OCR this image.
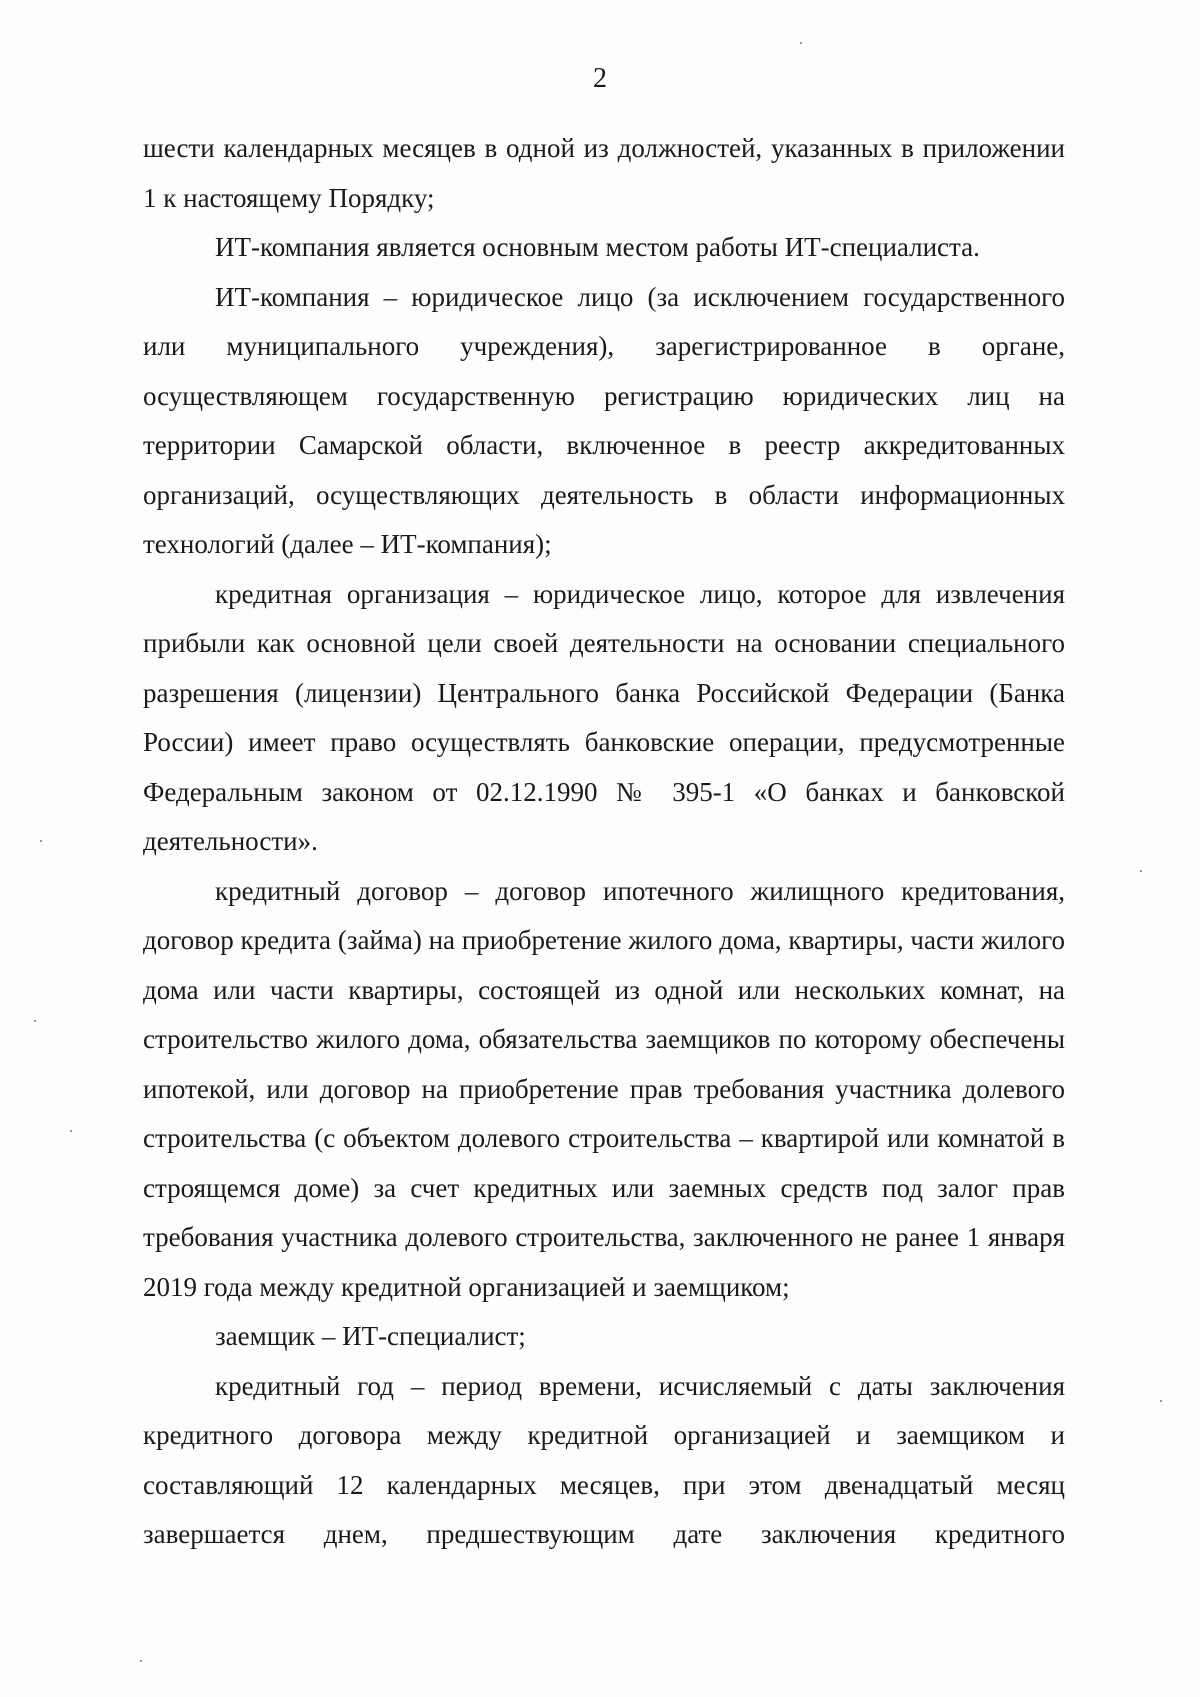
2

шести календарных месяцев в одной из должностей, указанных в приложении 1 к настоящему Порядку;

ИТ-компания является основным местом работы ИТ-специалиста.

ИТ-компания – юридическое лицо (за исключением государственного или муниципального учреждения), зарегистрированное в органе, осуществляющем государственную регистрацию юридических лиц на территории Самарской области, включенное в реестр аккредитованных организаций, осуществляющих деятельность в области информационных технологий (далее – ИТ-компания);

кредитная организация – юридическое лицо, которое для извлечения прибыли как основной цели своей деятельности на основании специального разрешения (лицензии) Центрального банка Российской Федерации (Банка России) имеет право осуществлять банковские операции, предусмотренные Федеральным законом от 02.12.1990 № 395-1 «О банках и банковской деятельности».

кредитный договор – договор ипотечного жилищного кредитования, договор кредита (займа) на приобретение жилого дома, квартиры, части жилого дома или части квартиры, состоящей из одной или нескольких комнат, на строительство жилого дома, обязательства заемщиков по которому обеспечены ипотекой, или договор на приобретение прав требования участника долевого строительства (с объектом долевого строительства – квартирой или комнатой в строящемся доме) за счет кредитных или заемных средств под залог прав требования участника долевого строительства, заключенного не ранее 1 января 2019 года между кредитной организацией и заемщиком;

заемщик – ИТ-специалист;

кредитный год – период времени, исчисляемый с даты заключения кредитного договора между кредитной организацией и заемщиком и составляющий 12 календарных месяцев, при этом двенадцатый месяц завершается днем, предшествующим дате заключения кредитного
